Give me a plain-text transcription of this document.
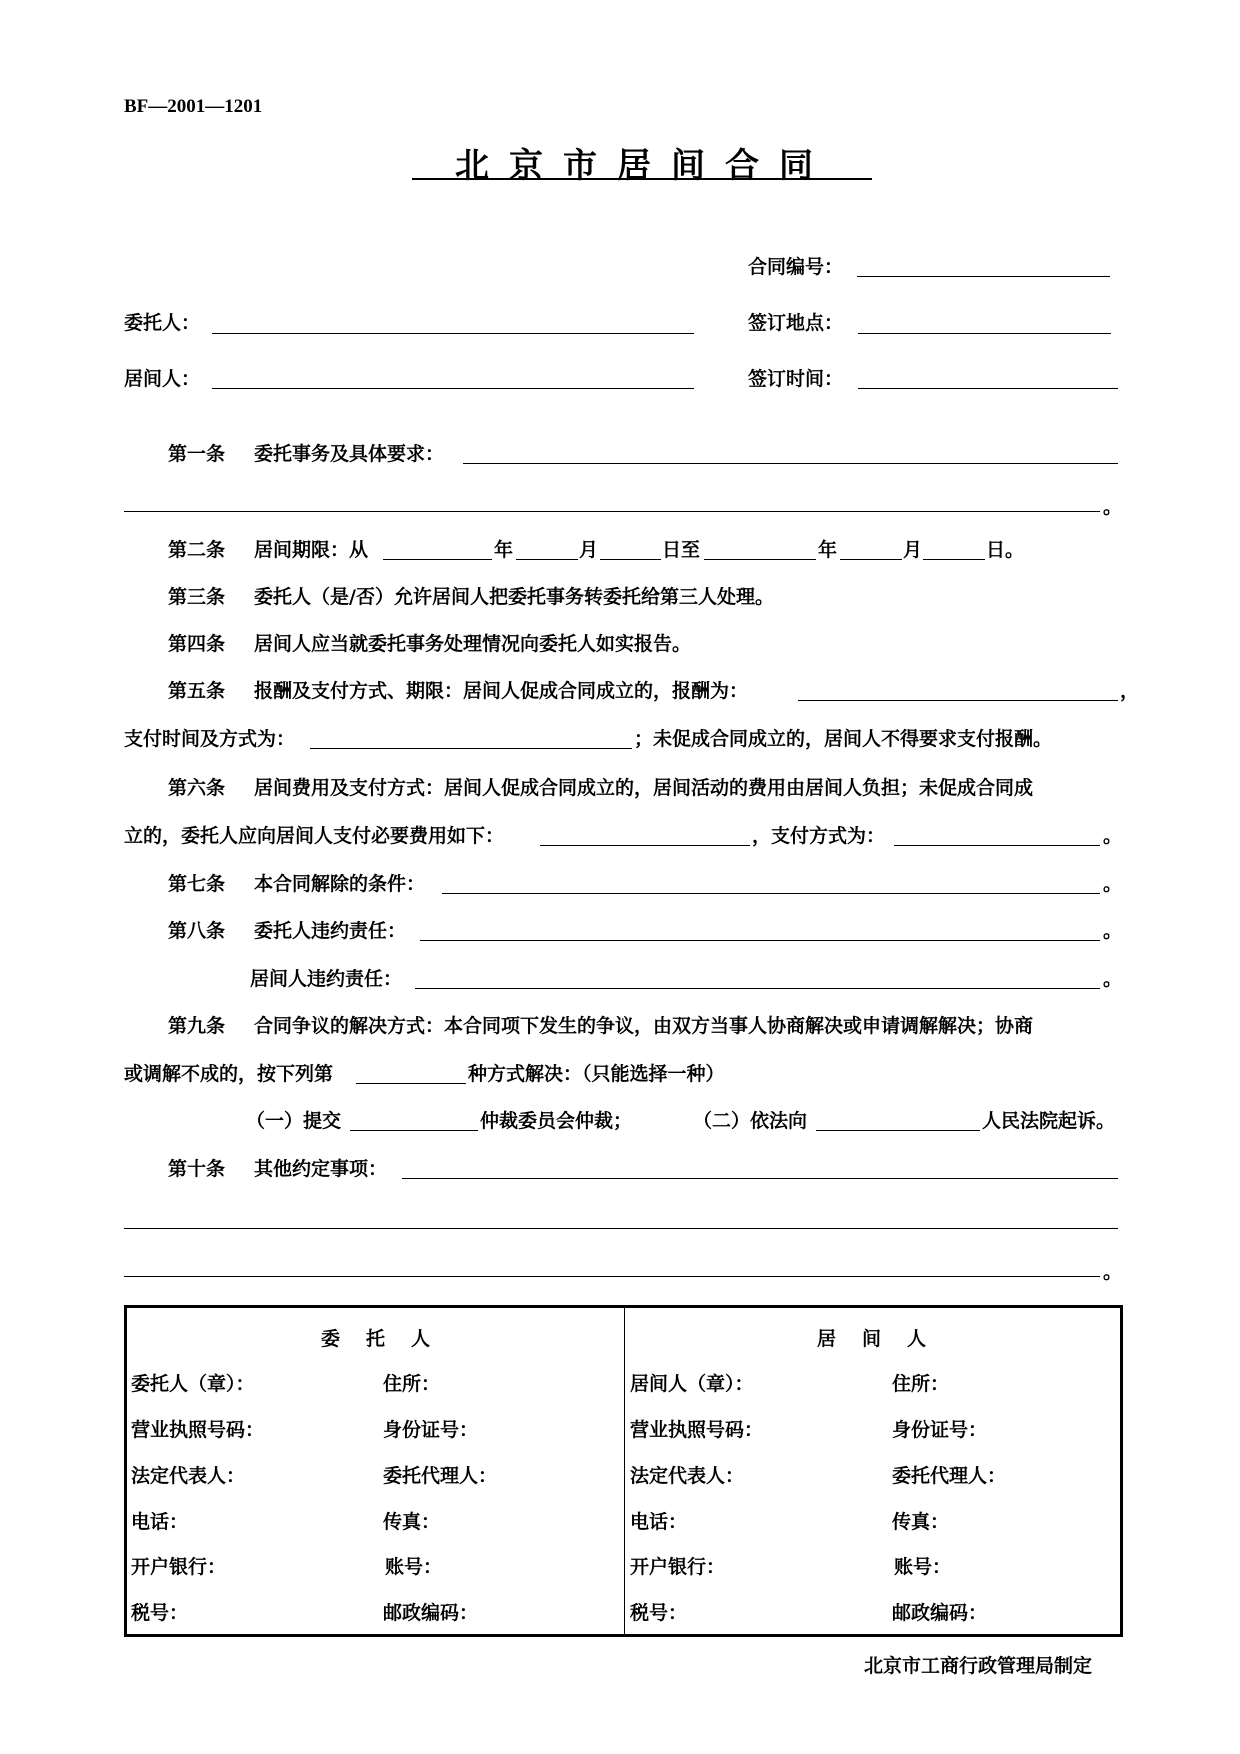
BF—2001—1201
北京市居间合同
合同编号：
委托人：	签订地点：
居间人：	签订时间：
第一条 委托事务及具体要求：
。
第二条 居间期限：从	年	月	日至	年	月	日。
第三条 委托人（是/否）允许居间人把委托事务转委托给第三人处理。
第四条 居间人应当就委托事务处理情况向委托人如实报告。
第五条 报酬及支付方式、期限：居间人促成合同成立的，报酬为：	，
支付时间及方式为：	；未促成合同成立的，居间人不得要求支付报酬。
第六条 居间费用及支付方式：居间人促成合同成立的，居间活动的费用由居间人负担；未促成合同成
立的，委托人应向居间人支付必要费用如下：	，支付方式为：	。
第七条 本合同解除的条件：	。
第八条 委托人违约责任：	。
居间人违约责任：	。
第九条 合同争议的解决方式：本合同项下发生的争议，由双方当事人协商解决或申请调解解决；协商
或调解不成的，按下列第	种方式解决：（只能选择一种）
（一）提交	仲裁委员会仲裁；	（二）依法向	人民法院起诉。
第十条 其他约定事项：
。
委托人	居间人
委托人（章）：	住所：
营业执照号码：	身份证号：
法定代表人：	委托代理人：
电话：	传真：
开户银行：	账号：
税号：	邮政编码：
居间人（章）：	住所：
营业执照号码：	身份证号：
法定代表人：	委托代理人：
电话：	传真：
开户银行：	账号：
税号：	邮政编码：
北京市工商行政管理局制定
